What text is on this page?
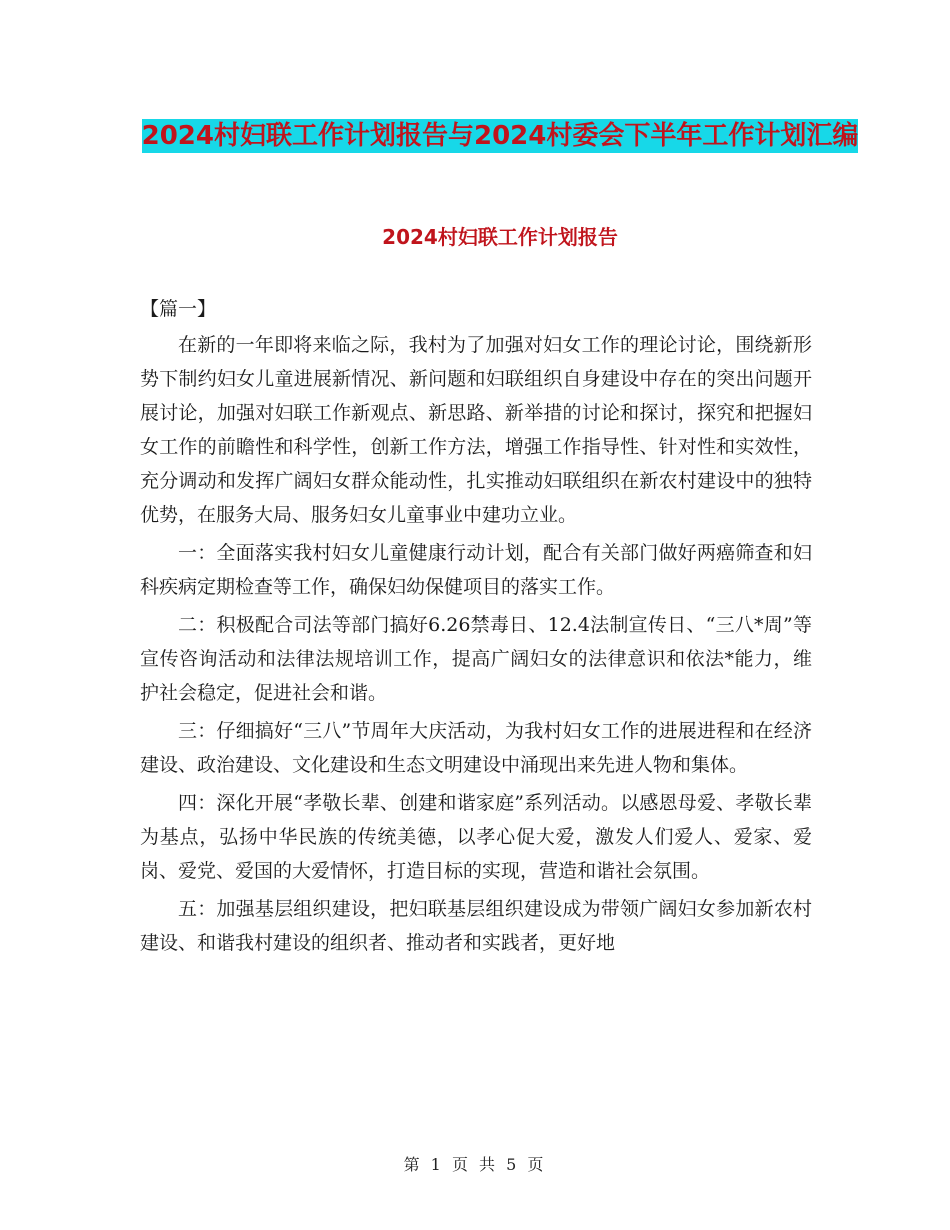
2024村妇联工作计划报告与2024村委会下半年工作计划汇编
2024村妇联工作计划报告

【篇一】

在新的一年即将来临之际，我村为了加强对妇女工作的理论讨论，围绕新形势下制约妇女儿童进展新情况、新问题和妇联组织自身建设中存在的突出问题开展讨论，加强对妇联工作新观点、新思路、新举措的讨论和探讨，探究和把握妇女工作的前瞻性和科学性，创新工作方法，增强工作指导性、针对性和实效性，充分调动和发挥广阔妇女群众能动性，扎实推动妇联组织在新农村建设中的独特优势，在服务大局、服务妇女儿童事业中建功立业。

一：全面落实我村妇女儿童健康行动计划，配合有关部门做好两癌筛查和妇科疾病定期检查等工作，确保妇幼保健项目的落实工作。

二：积极配合司法等部门搞好6.26禁毒日、12.4法制宣传日、“三八*周”等宣传咨询活动和法律法规培训工作，提高广阔妇女的法律意识和依法*能力，维护社会稳定，促进社会和谐。

三：仔细搞好“三八”节周年大庆活动，为我村妇女工作的进展进程和在经济建设、政治建设、文化建设和生态文明建设中涌现出来先进人物和集体。

四：深化开展“孝敬长辈、创建和谐家庭”系列活动。以感恩母爱、孝敬长辈为基点，弘扬中华民族的传统美德，以孝心促大爱，激发人们爱人、爱家、爱岗、爱党、爱国的大爱情怀，打造目标的实现，营造和谐社会氛围。

五：加强基层组织建设，把妇联基层组织建设成为带领广阔妇女参加新农村建设、和谐我村建设的组织者、推动者和实践者，更好地

第 1 页 共 5 页
